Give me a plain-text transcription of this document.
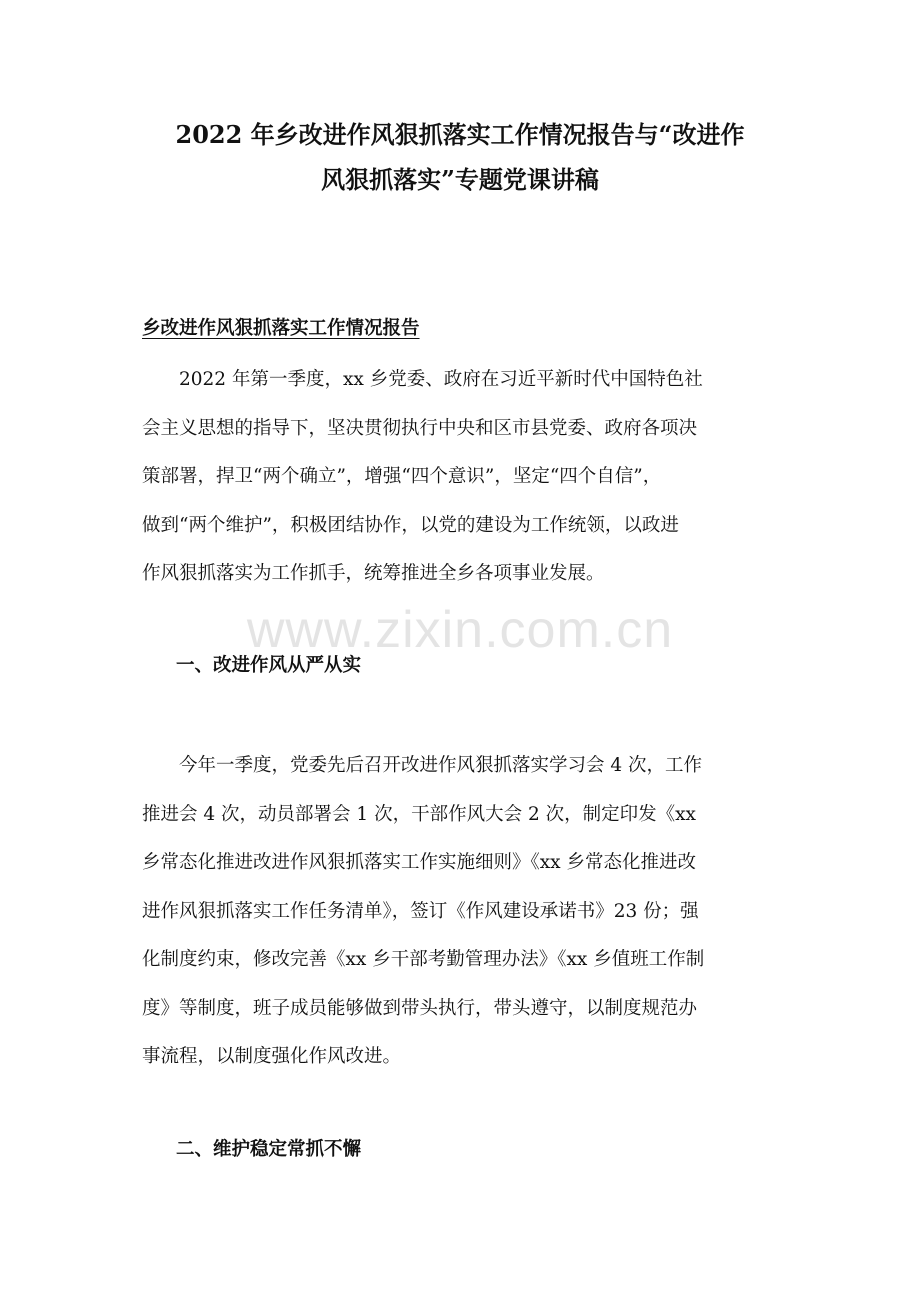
2022 年乡改进作风狠抓落实工作情况报告与“改进作
风狠抓落实”专题党课讲稿
乡改进作风狠抓落实工作情况报告

2022 年第一季度，xx 乡党委、政府在习近平新时代中国特色社
会主义思想的指导下，坚决贯彻执行中央和区市县党委、政府各项决
策部署，捍卫“两个确立”，增强“四个意识”，坚定“四个自信”，
做到“两个维护”，积极团结协作，以党的建设为工作统领，以政进
作风狠抓落实为工作抓手，统筹推进全乡各项事业发展。

www.zixin.com.cn
一、改进作风从严从实

今年一季度，党委先后召开改进作风狠抓落实学习会 4 次，工作
推进会 4 次，动员部署会 1 次，干部作风大会 2 次，制定印发《xx
乡常态化推进改进作风狠抓落实工作实施细则》《xx 乡常态化推进改
进作风狠抓落实工作任务清单》，签订《作风建设承诺书》23 份；强
化制度约束，修改完善《xx 乡干部考勤管理办法》《xx 乡值班工作制
度》等制度，班子成员能够做到带头执行，带头遵守，以制度规范办
事流程，以制度强化作风改进。

二、维护稳定常抓不懈
